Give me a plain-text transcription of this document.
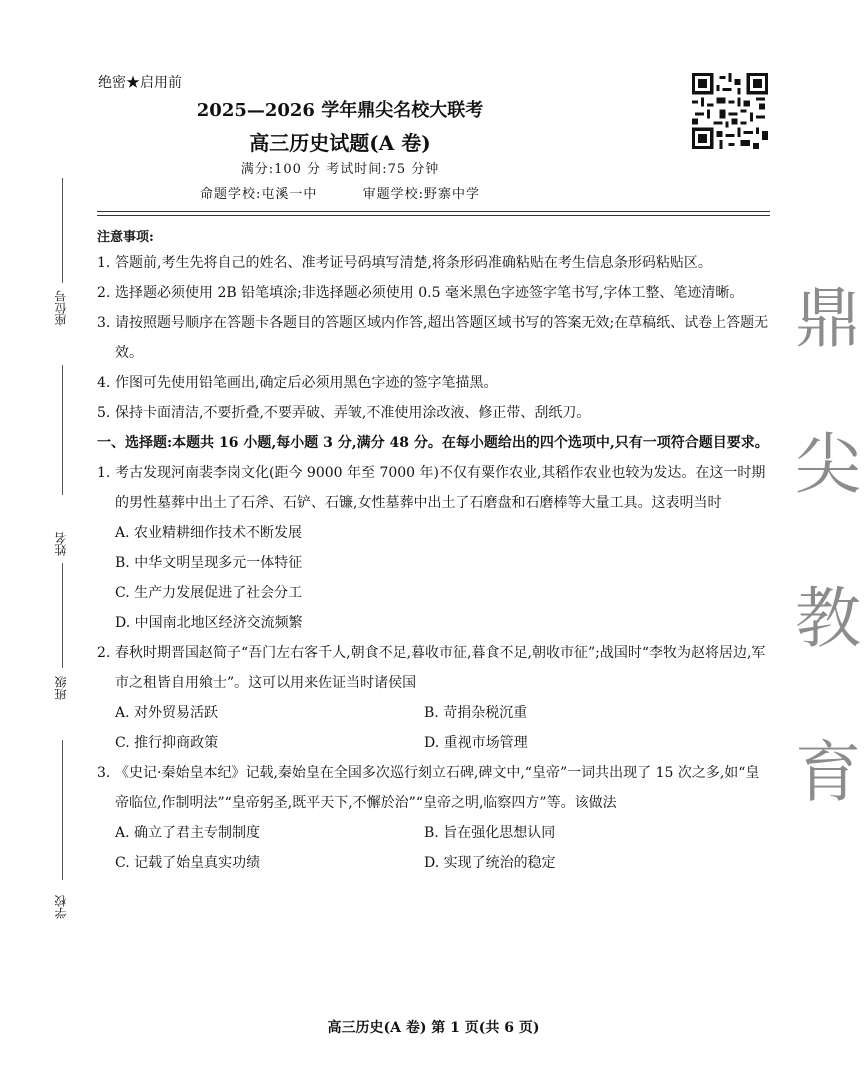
绝密★启用前
2025—2026 学年鼎尖名校大联考
高三历史试题(A 卷)
满分:100 分 考试时间:75 分钟
命题学校:屯溪一中	审题学校:野寨中学
座位号
姓名
班级
学校
鼎
尖
教
育
注意事项:
1. 答题前,考生先将自己的姓名、准考证号码填写清楚,将条形码准确粘贴在考生信息条形码粘贴区。
2. 选择题必须使用 2B 铅笔填涂;非选择题必须使用 0.5 毫米黑色字迹签字笔书写,字体工整、笔迹清晰。
3. 请按照题号顺序在答题卡各题目的答题区域内作答,超出答题区域书写的答案无效;在草稿纸、试卷上答题无效。
4. 作图可先使用铅笔画出,确定后必须用黑色字迹的签字笔描黑。
5. 保持卡面清洁,不要折叠,不要弄破、弄皱,不准使用涂改液、修正带、刮纸刀。
一、 选择题:本题共 16 小题,每小题 3 分,满分 48 分。在每小题给出的四个选项中,只有一项符合题目要求。
1. 考古发现河南裴李岗文化(距今 9000 年至 7000 年)不仅有粟作农业,其稻作农业也较为发达。在这一时期的男性墓葬中出土了石斧、石铲、石镰,女性墓葬中出土了石磨盘和石磨棒等大量工具。这表明当时
A. 农业精耕细作技术不断发展
B. 中华文明呈现多元一体特征
C. 生产力发展促进了社会分工
D. 中国南北地区经济交流频繁
2. 春秋时期晋国赵简子“吾门左右客千人,朝食不足,暮收市征,暮食不足,朝收市征”;战国时“李牧为赵将居边,军市之租皆自用飨士”。这可以用来佐证当时诸侯国
A. 对外贸易活跃	B. 苛捐杂税沉重
C. 推行抑商政策	D. 重视市场管理
3. 《史记·秦始皇本纪》记载,秦始皇在全国多次巡行刻立石碑,碑文中,“皇帝”一词共出现了 15 次之多,如“皇帝临位,作制明法”“皇帝躬圣,既平天下,不懈於治”“皇帝之明,临察四方”等。该做法
A. 确立了君主专制制度	B. 旨在强化思想认同
C. 记载了始皇真实功绩	D. 实现了统治的稳定
高三历史(A 卷) 第 1 页(共 6 页)
